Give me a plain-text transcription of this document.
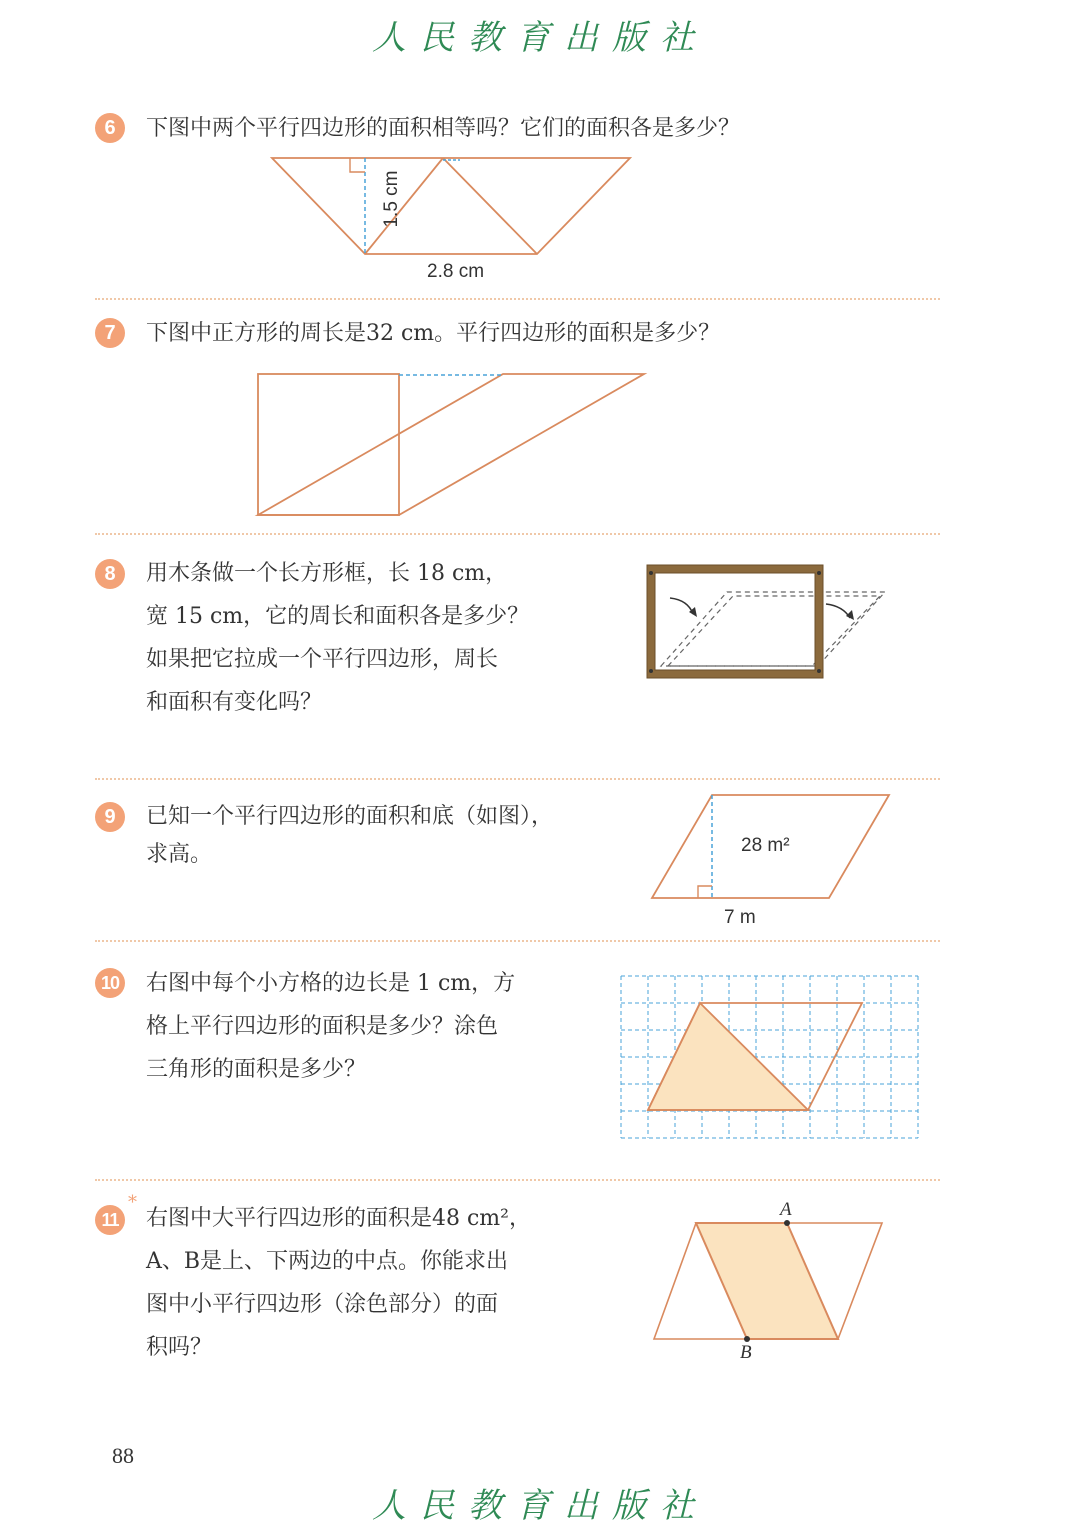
人民教育出版社
6	下图中两个平行四边形的面积相等吗？它们的面积各是多少？
1.5 cm
2.8 cm
7	下图中正方形的周长是32 cm。平行四边形的面积是多少？
8	用木条做一个长方形框，长 18 cm，
宽 15 cm，它的周长和面积各是多少？
如果把它拉成一个平行四边形，周长
和面积有变化吗？
9	已知一个平行四边形的面积和底（如图），
求高。	28 m²
7 m
10 右图中每个小方格的边长是 1 cm，方
格上平行四边形的面积是多少？涂色
三角形的面积是多少？
11
*
右图中大平行四边形的面积是48 cm²，
A、B是上、下两边的中点。你能求出
图中小平行四边形（涂色部分）的面
积吗？
A
B
88
人民教育出版社
